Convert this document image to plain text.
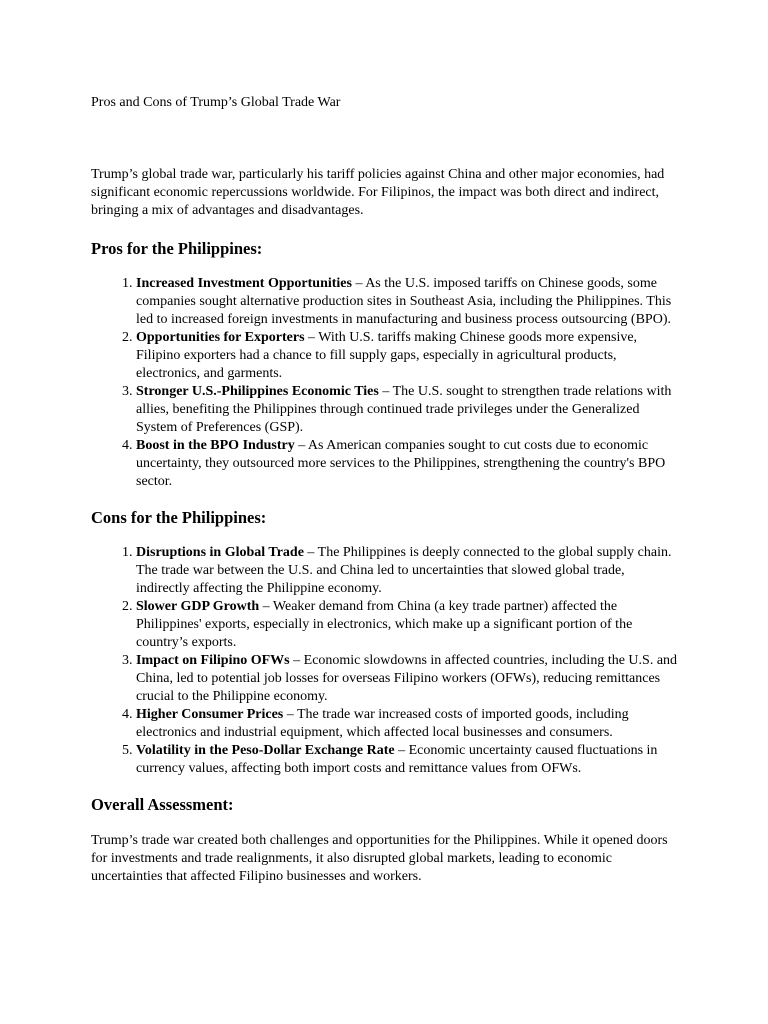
Pros and Cons of Trump’s Global Trade War

Trump’s global trade war, particularly his tariff policies against China and other major economies, had significant economic repercussions worldwide. For Filipinos, the impact was both direct and indirect, bringing a mix of advantages and disadvantages.

Pros for the Philippines:
1. Increased Investment Opportunities – As the U.S. imposed tariffs on Chinese goods, some companies sought alternative production sites in Southeast Asia, including the Philippines. This led to increased foreign investments in manufacturing and business process outsourcing (BPO).
2. Opportunities for Exporters – With U.S. tariffs making Chinese goods more expensive, Filipino exporters had a chance to fill supply gaps, especially in agricultural products, electronics, and garments.
3. Stronger U.S.-Philippines Economic Ties – The U.S. sought to strengthen trade relations with allies, benefiting the Philippines through continued trade privileges under the Generalized System of Preferences (GSP).
4. Boost in the BPO Industry – As American companies sought to cut costs due to economic uncertainty, they outsourced more services to the Philippines, strengthening the country's BPO sector.
Cons for the Philippines:
1. Disruptions in Global Trade – The Philippines is deeply connected to the global supply chain. The trade war between the U.S. and China led to uncertainties that slowed global trade, indirectly affecting the Philippine economy.
2. Slower GDP Growth – Weaker demand from China (a key trade partner) affected the Philippines' exports, especially in electronics, which make up a significant portion of the country’s exports.
3. Impact on Filipino OFWs – Economic slowdowns in affected countries, including the U.S. and China, led to potential job losses for overseas Filipino workers (OFWs), reducing remittances crucial to the Philippine economy.
4. Higher Consumer Prices – The trade war increased costs of imported goods, including electronics and industrial equipment, which affected local businesses and consumers.
5. Volatility in the Peso-Dollar Exchange Rate – Economic uncertainty caused fluctuations in currency values, affecting both import costs and remittance values from OFWs.
Overall Assessment:

Trump’s trade war created both challenges and opportunities for the Philippines. While it opened doors for investments and trade realignments, it also disrupted global markets, leading to economic uncertainties that affected Filipino businesses and workers.
